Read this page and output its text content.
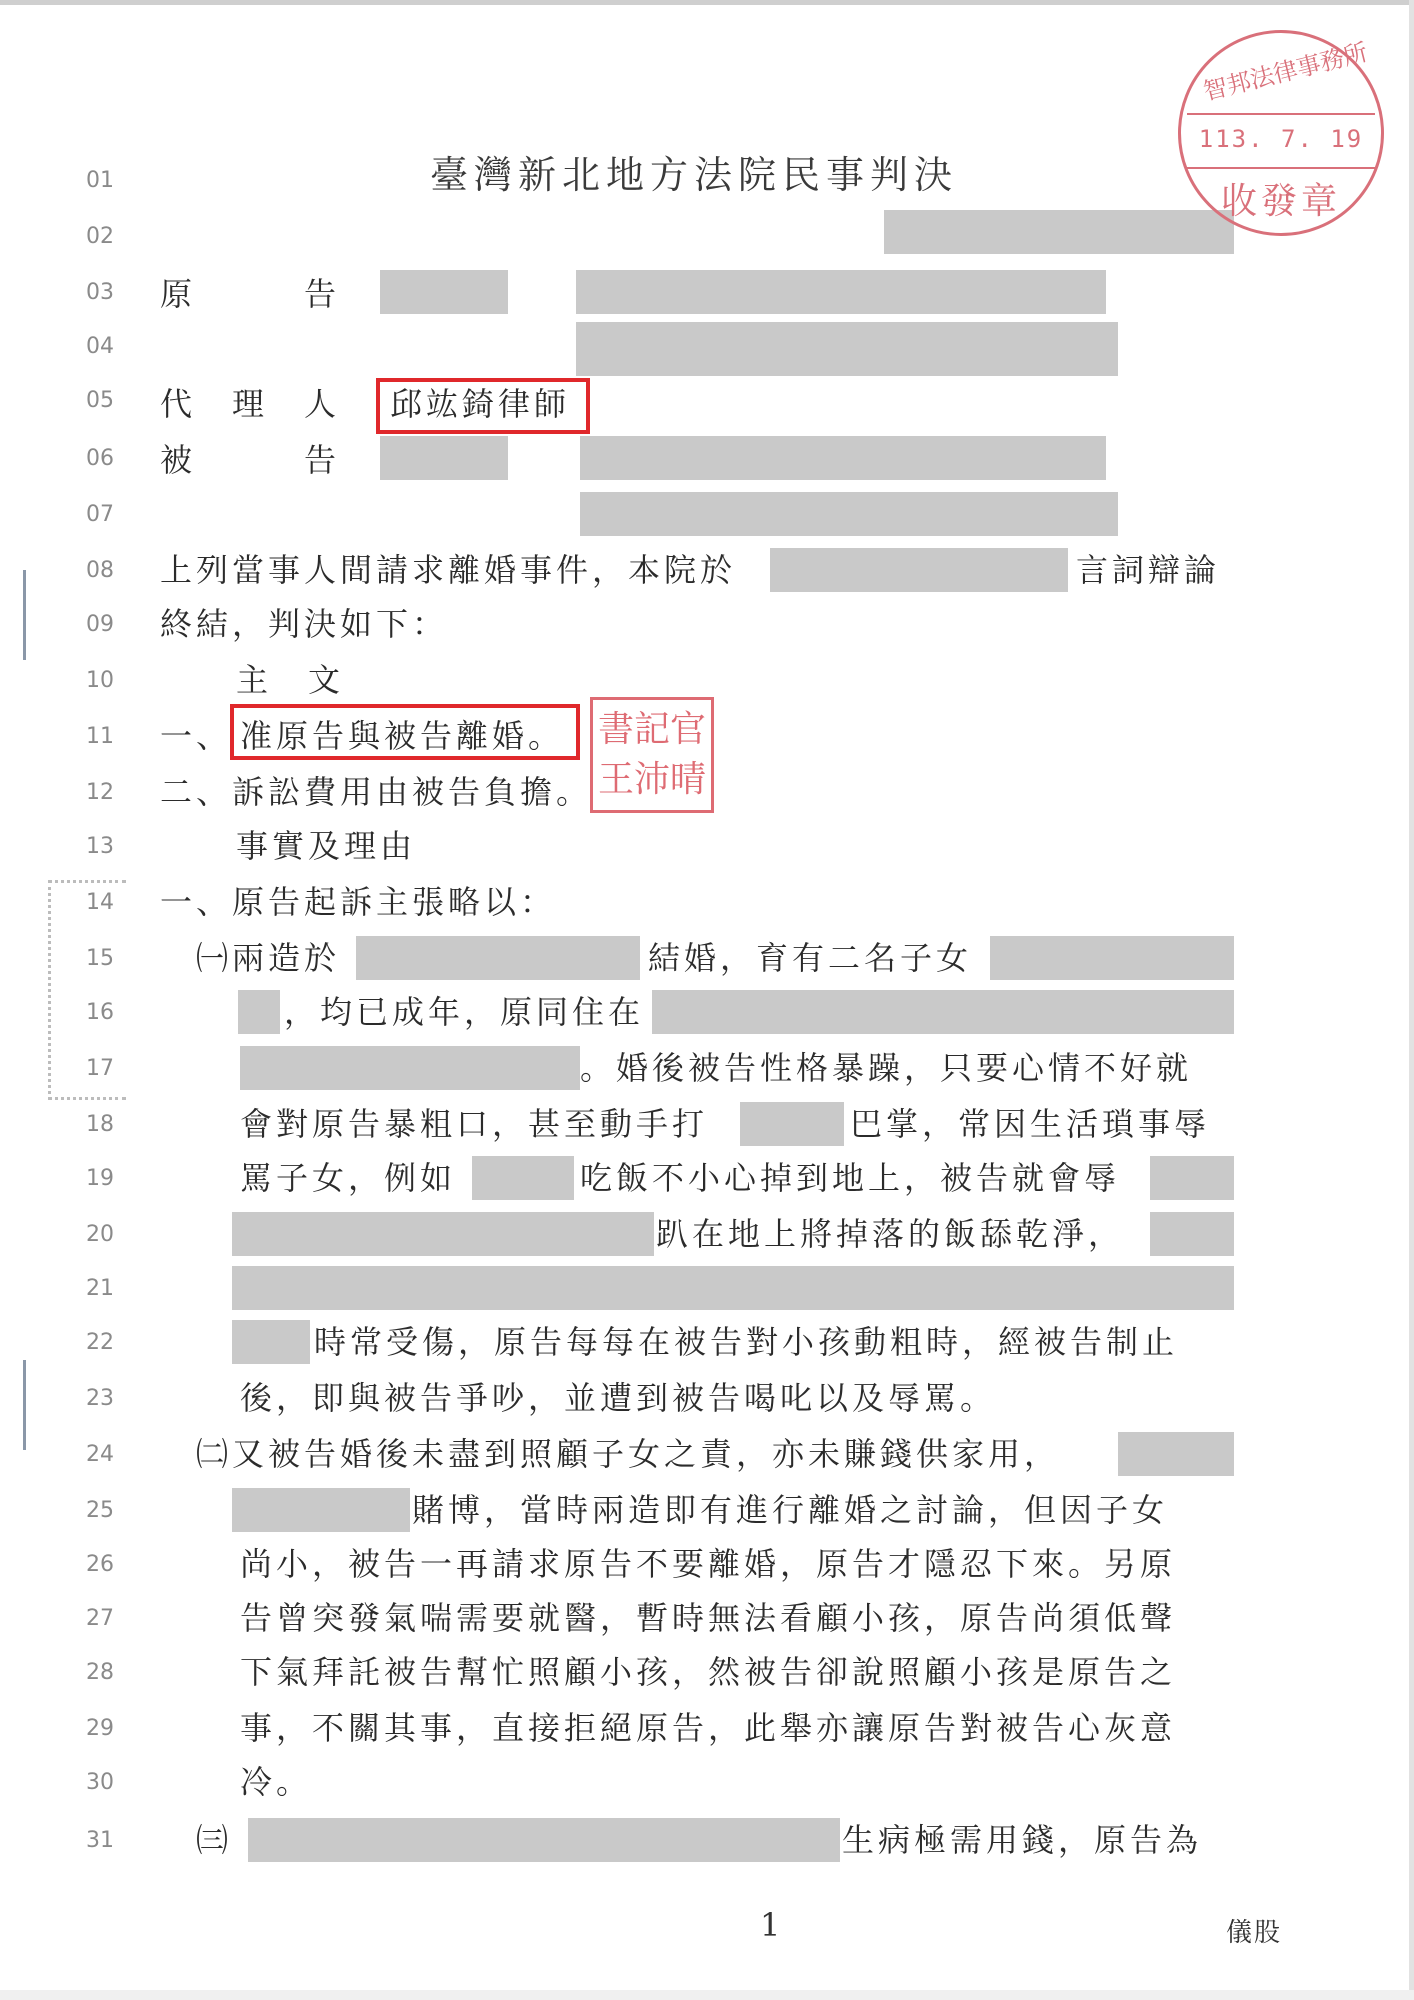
01
02
03
04
05
06
07
08
09
10
11
12
13
14
15
16
17
18
19
20
21
22
23
24
25
26
27
28
29
30
31
臺灣新北地方法院民事判決
原　　　告
代　理　人 邱竑錡律師
被　　　告
上列當事人間請求離婚事件，本院於	言詞辯論
終結，判決如下：
主　文
一、 准原告與被告離婚。 書記官
王沛晴
二、訴訟費用由被告負擔。
事實及理由
一、原告起訴主張略以：
㈠兩造於	結婚，育有二名子女
，均已成年，原同住在
。婚後被告性格暴躁，只要心情不好就
會對原告暴粗口，甚至動手打	巴掌，常因生活瑣事辱
罵子女，例如	吃飯不小心掉到地上，被告就會辱
趴在地上將掉落的飯舔乾淨，
時常受傷，原告每每在被告對小孩動粗時，經被告制止
後，即與被告爭吵，並遭到被告喝叱以及辱罵。
㈡又被告婚後未盡到照顧子女之責，亦未賺錢供家用，
賭博，當時兩造即有進行離婚之討論，但因子女
尚小，被告一再請求原告不要離婚，原告才隱忍下來。另原
告曾突發氣喘需要就醫，暫時無法看顧小孩，原告尚須低聲
下氣拜託被告幫忙照顧小孩，然被告卻說照顧小孩是原告之
事，不關其事，直接拒絕原告，此舉亦讓原告對被告心灰意
冷。
㈢	生病極需用錢，原告為
智邦法律事務所
113. 7. 19
收發章
1	儀股
